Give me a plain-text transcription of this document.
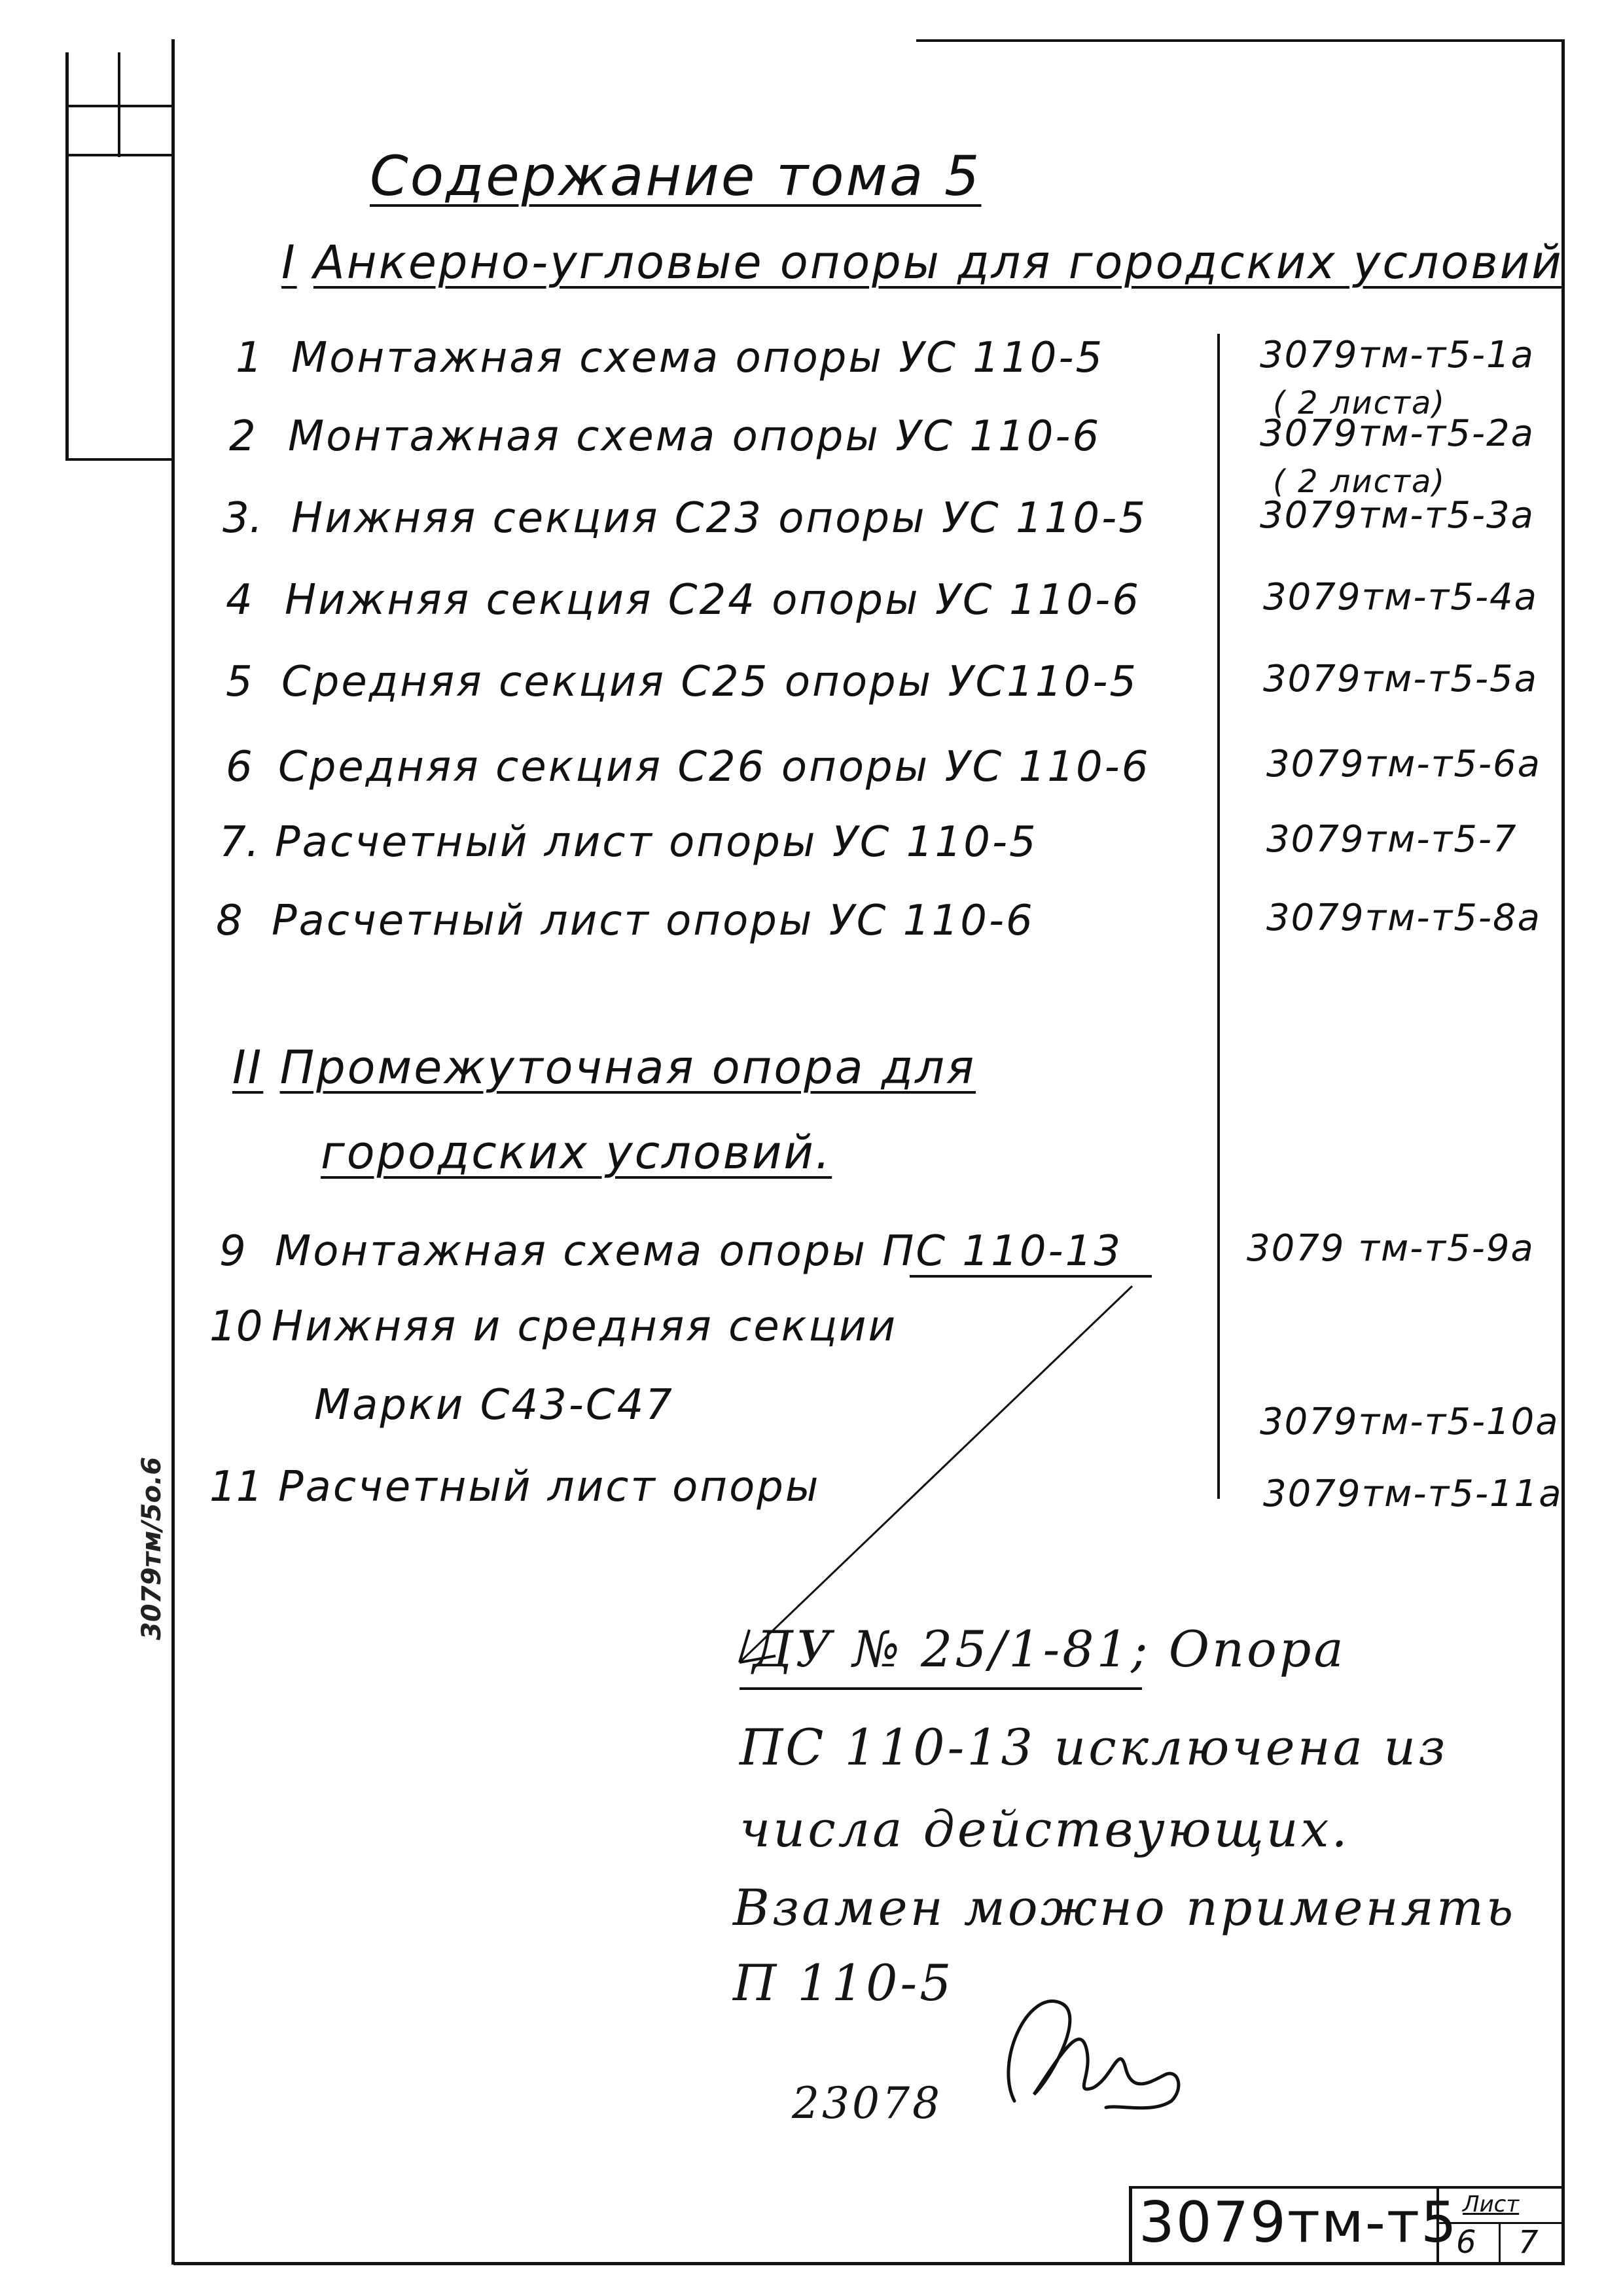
Содержание тома 5
I Анкерно-угловые опоры для городских условий
1 Монтажная схема опоры УС 110-5	3079тм-т5-1а
( 2 листа)
2 Монтажная схема опоры УС 110-6	3079тм-т5-2а
( 2 листа)
3. Нижняя секция С23 опоры УС 110-5	3079тм-т5-3а
4 Нижняя секция С24 опоры УС 110-6	3079тм-т5-4а
5 Средняя секция С25 опоры УС110-5	3079тм-т5-5а
6 Средняя секция С26 опоры УС 110-6	3079тм-т5-6а
7. Расчетный лист опоры УС 110-5	3079тм-т5-7
8 Расчетный лист опоры УС 110-6	3079тм-т5-8а
II Промежуточная опора для
городских условий.
9 Монтажная схема опоры ПС 110-13	3079 тм-т5-9а
10 Нижняя и средняя секции
Марки С43-С47	3079тм-т5-10а
11 Расчетный лист опоры	3079тм-т5-11а
ДУ № 25/1-81; Опора
ПС 110-13 исключена из
числа действующих.
Взамен можно применять
П 110-5
23078
3079тм-т5 Лист
6 7
3079тм/5о.6
